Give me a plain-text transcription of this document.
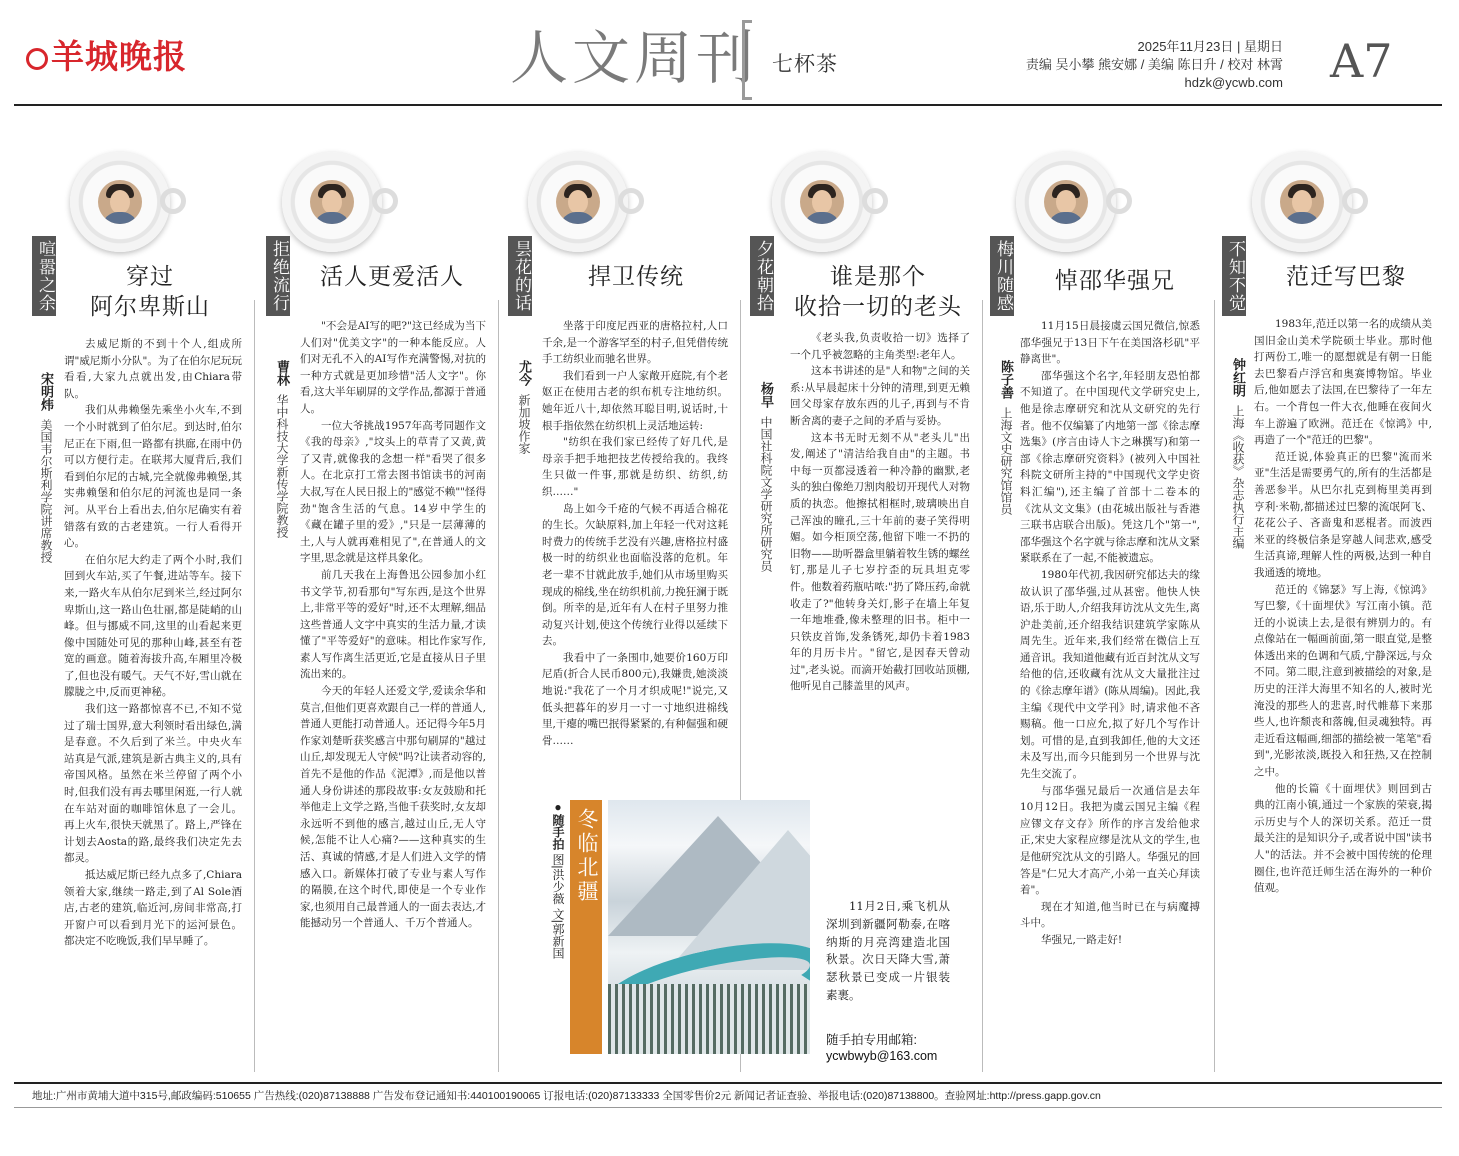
羊城晚报	人文周刊 七杯茶
2025年11月23日 | 星期日
责编 吴小攀 熊安娜 / 美编 陈日升 / 校对 林霄
hdzk@ycwb.com A7
喧嚣之余	穿过
阿尔卑斯山
宋明炜美国韦尔斯利学院讲席教授

去威尼斯的不到十个人,组成所谓"威尼斯小分队"。为了在伯尔尼玩玩看看,大家九点就出发,由Chiara带队。

我们从弗赖堡先乘坐小火车,不到一个小时就到了伯尔尼。到达时,伯尔尼正在下雨,但一路都有拱廊,在雨中仍可以方便行走。在联邦大厦背后,我们看到伯尔尼的古城,完全就像弗赖堡,其实弗赖堡和伯尔尼的河流也是同一条河。从平台上看出去,伯尔尼确实有着错落有致的古老建筑。一行人看得开心。

在伯尔尼大约走了两个小时,我们回到火车站,买了午餐,进站等车。接下来,一路火车从伯尔尼到米兰,经过阿尔卑斯山,这一路山色壮丽,都是陡峭的山峰。但与挪威不同,这里的山看起来更像中国随处可见的那种山峰,甚至有苍宽的画意。随着海拔升高,车厢里冷极了,但也没有暖气。天气不好,雪山就在朦胧之中,反而更神秘。

我们这一路都惊喜不已,不知不觉过了瑞士国界,意大利领时看出绿色,满是春意。不久后到了米兰。中央火车站真是气派,建筑是新古典主义的,具有帝国风格。虽然在米兰停留了两个小时,但我们没有再去哪里闲逛,一行人就在车站对面的咖啡馆休息了一会儿。再上火车,很快天就黑了。路上,严锋在计划去Aosta的路,最终我们决定先去都灵。

抵达威尼斯已经九点多了,Chiara领着大家,继续一路走,到了Al Sole酒店,古老的建筑,临近河,房间非常高,打开窗户可以看到月光下的运河景色。都决定不吃晚饭,我们早早睡了。

拒绝流行	活人更爱活人
曹林华中科技大学新传学院教授

"不会是AI写的吧?"这已经成为当下人们对"优美文字"的一种本能反应。人们对无孔不入的AI写作充满警惕,对抗的一种方式就是更加珍惜"活人文字"。你看,这大半年刷屏的文学作品,都源于普通人。

一位大爷挑战1957年高考同题作文《我的母亲》,"坟头上的草青了又黄,黄了又青,就像我的念想一样"看哭了很多人。在北京打工常去图书馆读书的河南大叔,写在人民日报上的"感觉不赖""怪得劲"饱含生活的气息。14岁中学生的《藏在罐子里的爱》,"只是一层薄薄的土,人与人就再难相见了",在普通人的文字里,思念就是这样具象化。

前几天我在上海鲁迅公园参加小红书文学节,初看那句"写东西,是这个世界上,非常平等的爱好"时,还不太理解,细品这些普通人文字中真实的生活力量,才读懂了"平等爱好"的意味。相比作家写作,素人写作离生活更近,它是直接从日子里流出来的。

今天的年轻人还爱文学,爱读余华和莫言,但他们更喜欢跟自己一样的普通人,普通人更能打动普通人。还记得今年5月作家刘楚昕获奖感言中那句刷屏的"越过山丘,却发现无人守候"吗?让读者动容的,首先不是他的作品《泥潭》,而是他以普通人身份讲述的那段故事:女友鼓励和托举他走上文学之路,当他千获奖时,女友却永远听不到他的感言,越过山丘,无人守候,怎能不让人心痛?——这种真实的生活、真诚的情感,才是人们进入文学的情感入口。新媒体打破了专业与素人写作的隔膜,在这个时代,即使是一个专业作家,也须用自己最普通人的一面去表达,才能撼动另一个普通人、千万个普通人。

昙花的话	捍卫传统
尤今新加坡作家

坐落于印度尼西亚的唐格拉村,人口千余,是一个游客罕至的村子,但凭借传统手工纺织业而驰名世界。

我们看到一户人家敞开庭院,有个老妪正在使用古老的织布机专注地纺织。她年近八十,却依然耳聪目明,说话时,十根手指依然在纺织机上灵活地运转:

"纺织在我们家已经传了好几代,是母亲手把手地把技艺传授给我的。我终生只做一件事,那就是纺织、纺织,纺织……"

岛上如今千疮的气候不再适合棉花的生长。欠缺原料,加上年轻一代对这耗时费力的传统手艺没有兴趣,唐格拉村盛极一时的纺织业也面临没落的危机。年老一辈不甘就此放手,她们从市场里购买现成的棉线,坐在纺织机前,力挽狂澜于既倒。所幸的是,近年有人在村子里努力推动复兴计划,使这个传统行业得以延续下去。

我看中了一条围巾,她要价160万印尼盾(折合人民币800元),我嫌贵,她淡淡地说:"我花了一个月才织成呢!"说完,又低头把暮年的岁月一寸一寸地织进棉线里,干瘪的嘴巴抿得紧紧的,有种倔强和硬骨……

夕花朝拾	谁是那个
收拾一切的老头
杨早中国社科院文学研究所研究员

《老头我,负责收拾一切》选择了一个几乎被忽略的主角类型:老年人。

这本书讲述的是"人和物"之间的关系:从早晨起床十分钟的清理,到更无赖回父母家存放东西的儿子,再到与不肯断舍离的妻子之间的矛盾与妥协。

这本书无时无刻不从"老头儿"出发,阐述了"清洁给我自由"的主题。书中每一页都浸透着一种冷静的幽默,老头的独白像绝刀割肉般切开现代人对物质的执恋。他擦拭相框时,玻璃映出自己浑浊的瞳孔,三十年前的妻子笑得明媚。如今柜顶空荡,他留下唯一不扔的旧物——助听器盒里躺着牧生锈的螺丝钉,那是儿子七岁拧歪的玩具坦克零件。他数着药瓶咕哝:"扔了降压药,命就收走了?"他转身关灯,影子在墙上年复一年地堆叠,像未整理的旧书。柜中一只铁皮首饰,发条锈死,却仍卡着1983年的月历卡片。"留它,是因春天曾动过",老头说。而滴开始截打回收站顶棚,他听见自己膝盖里的风声。

梅川随感	悼邵华强兄
陈子善上海文史研究馆馆员

11月15日晨接虞云国兄微信,惊悉邵华强兄于13日下午在美国洛杉矶"平静离世"。

邵华强这个名字,年轻朋友恐怕都不知道了。在中国现代文学研究史上,他是徐志摩研究和沈从文研究的先行者。他不仅编纂了内地第一部《徐志摩选集》(序言由诗人卞之琳撰写)和第一部《徐志摩研究资料》(被列入中国社科院文研所主持的"中国现代文学史资料汇编"),还主编了首部十二卷本的《沈从文文集》(由花城出版社与香港三联书店联合出版)。凭这几个"第一",邵华强这个名字就与徐志摩和沈从文紧紧联系在了一起,不能被遗忘。

1980年代初,我因研究郁达夫的缘故认识了邵华强,过从甚密。他快人快语,乐于助人,介绍我拜访沈从文先生,离沪赴美前,还介绍我结识建筑学家陈从周先生。近年来,我们经常在微信上互通音讯。我知道他藏有近百封沈从文写给他的信,还收藏有沈从文大量批注过的《徐志摩年谱》(陈从周编)。因此,我主编《现代中文学刊》时,请求他不吝赐稿。他一口应允,拟了好几个写作计划。可惜的是,直到我卸任,他的大文还未及写出,而今只能到另一个世界与沈先生交流了。

与邵华强兄最后一次通信是去年10月12日。我把为虞云国兄主编《程应镠文存文存》所作的序言发给他求正,宋史大家程应缪是沈从文的学生,也是他研究沈从文的引路人。华强兄的回答是"仁兄大才高产,小弟一直关心拜读着"。

现在才知道,他当时已在与病魔搏斗中。

华强兄,一路走好!

不知不觉	范迁写巴黎
钟红明上海《收获》杂志执行主编

1983年,范迁以第一名的成绩从美国旧金山美术学院硕士毕业。那时他打两份工,唯一的愿想就是有朝一日能去巴黎看卢浮宫和奥赛博物馆。毕业后,他如愿去了法国,在巴黎待了一年左右。一个背包一件大衣,他睡在夜间火车上游遍了欧洲。范迁在《惊鸿》中,再造了一个"范迁的巴黎"。

范迁说,体验真正的巴黎"流而米亚"生活是需要勇气的,所有的生活都是善恶参半。从巴尔扎克到梅里美再到亨利·米勒,都描述过巴黎的流氓阿飞、花花公子、吝啬鬼和恶棍者。而波西米亚的终极信条是穿越人间悲欢,感受生活真谛,理解人性的两极,达到一种自我通透的境地。

范迁的《锦瑟》写上海,《惊鸿》写巴黎,《十面埋伏》写江南小镇。范迁的小说读上去,是很有辨别力的。有点像站在一幅画前面,第一眼直觉,是整体透出来的色调和气质,宁静深远,与众不同。第二眼,注意到被描绘的对象,是历史的汪洋大海里不知名的人,被时光淹没的那些人的悲喜,时代帷幕下来那些人,也许颓丧和落魄,但灵魂独特。再走近看这幅画,细部的描绘被一笔笔"看到",光影浓淡,既投入和狂热,又在控制之中。

他的长篇《十面埋伏》则回到古典的江南小镇,通过一个家族的荣衰,揭示历史与个人的深切关系。范迁一贯最关注的是知识分子,或者说中国"读书人"的活法。并不会被中国传统的伦理圈住,也许范迁师生活在海外的一种价值观。

●随手拍 图|洪少薇 文|郭新国 冬临北疆
11月2日,乘飞机从深圳到新疆阿勒泰,在喀纳斯的月亮湾建造北国秋景。次日天降大雪,萧瑟秋景已变成一片银装素裹。
随手拍专用邮箱:
ycwbwyb@163.com
地址:广州市黄埔大道中315号,邮政编码:510655 广告热线:(020)87138888 广告发布登记通知书:440100190065 订报电话:(020)87133333 全国零售价2元 新闻记者证查验、举报电话:(020)87138800。查验网址:http://press.gapp.gov.cn
